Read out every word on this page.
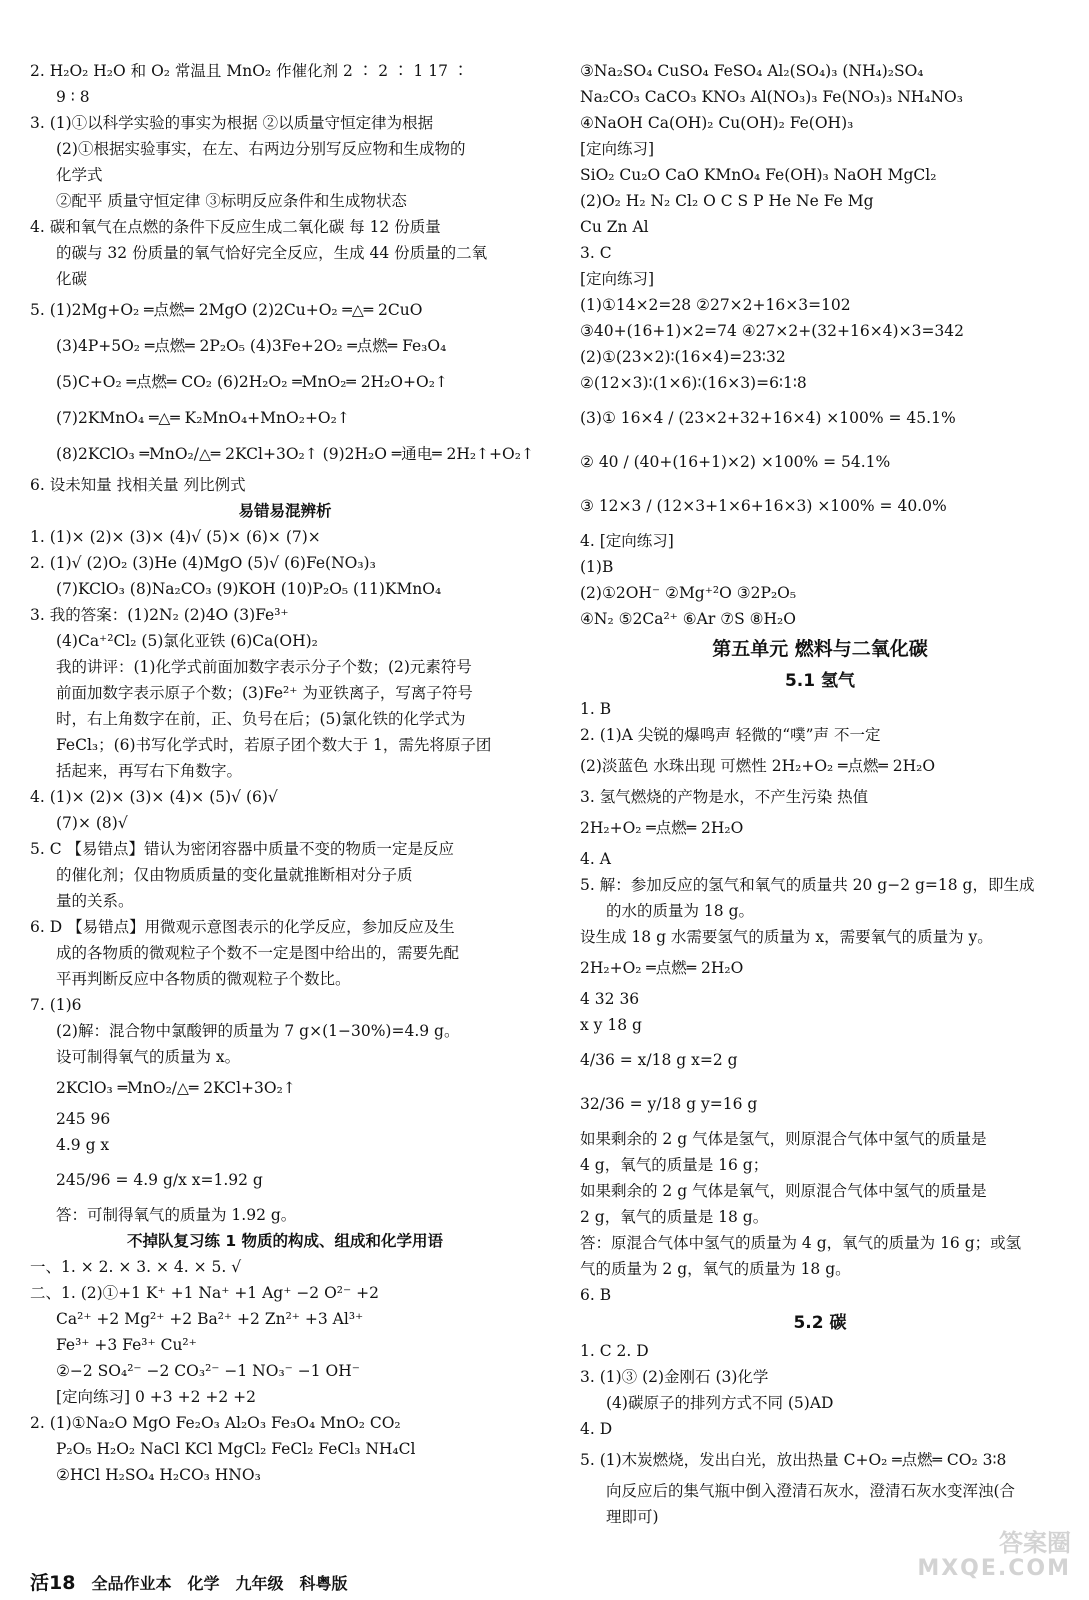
2. H₂O₂ H₂O 和 O₂ 常温且 MnO₂ 作催化剂 2 ∶ 2 ∶ 1 17 ∶
9 ∶ 8
3. (1)①以科学实验的事实为根据 ②以质量守恒定律为根据
(2)①根据实验事实，在左、右两边分别写反应物和生成物的
化学式
②配平 质量守恒定律 ③标明反应条件和生成物状态
4. 碳和氧气在点燃的条件下反应生成二氧化碳 每 12 份质量
的碳与 32 份质量的氧气恰好完全反应，生成 44 份质量的二氧
化碳
5. (1)2Mg+O₂ ═点燃═ 2MgO (2)2Cu+O₂ ═△═ 2CuO
(3)4P+5O₂ ═点燃═ 2P₂O₅ (4)3Fe+2O₂ ═点燃═ Fe₃O₄
(5)C+O₂ ═点燃═ CO₂ (6)2H₂O₂ ═MnO₂═ 2H₂O+O₂↑
(7)2KMnO₄ ═△═ K₂MnO₄+MnO₂+O₂↑
(8)2KClO₃ ═MnO₂/△═ 2KCl+3O₂↑ (9)2H₂O ═通电═ 2H₂↑+O₂↑
6. 设未知量 找相关量 列比例式
易错易混辨析
1. (1)× (2)× (3)× (4)√ (5)× (6)× (7)×
2. (1)√ (2)O₂ (3)He (4)MgO (5)√ (6)Fe(NO₃)₃
(7)KClO₃ (8)Na₂CO₃ (9)KOH (10)P₂O₅ (11)KMnO₄
3. 我的答案：(1)2N₂ (2)4O (3)Fe³⁺
(4)Ca⁺²Cl₂ (5)氯化亚铁 (6)Ca(OH)₂
我的讲评：(1)化学式前面加数字表示分子个数；(2)元素符号
前面加数字表示原子个数；(3)Fe²⁺ 为亚铁离子，写离子符号
时，右上角数字在前，正、负号在后；(5)氯化铁的化学式为
FeCl₃；(6)书写化学式时，若原子团个数大于 1，需先将原子团
括起来，再写右下角数字。
4. (1)× (2)× (3)× (4)× (5)√ (6)√
(7)× (8)√
5. C 【易错点】错认为密闭容器中质量不变的物质一定是反应
的催化剂；仅由物质质量的变化量就推断相对分子质
量的关系。
6. D 【易错点】用微观示意图表示的化学反应，参加反应及生
成的各物质的微观粒子个数不一定是图中给出的，需要先配
平再判断反应中各物质的微观粒子个数比。
7. (1)6
(2)解：混合物中氯酸钾的质量为 7 g×(1−30%)=4.9 g。
设可制得氧气的质量为 x。
2KClO₃ ═MnO₂/△═ 2KCl+3O₂↑
245 96
4.9 g x
245/96 = 4.9 g/x x=1.92 g
答：可制得氧气的质量为 1.92 g。
不掉队复习练 1 物质的构成、组成和化学用语
一、1. × 2. × 3. × 4. × 5. √
二、1. (2)①+1 K⁺ +1 Na⁺ +1 Ag⁺ −2 O²⁻ +2
Ca²⁺ +2 Mg²⁺ +2 Ba²⁺ +2 Zn²⁺ +3 Al³⁺
Fe³⁺ +3 Fe³⁺ Cu²⁺
②−2 SO₄²⁻ −2 CO₃²⁻ −1 NO₃⁻ −1 OH⁻
[定向练习] 0 +3 +2 +2 +2
2. (1)①Na₂O MgO Fe₂O₃ Al₂O₃ Fe₃O₄ MnO₂ CO₂
P₂O₅ H₂O₂ NaCl KCl MgCl₂ FeCl₂ FeCl₃ NH₄Cl
②HCl H₂SO₄ H₂CO₃ HNO₃
③Na₂SO₄ CuSO₄ FeSO₄ Al₂(SO₄)₃ (NH₄)₂SO₄
Na₂CO₃ CaCO₃ KNO₃ Al(NO₃)₃ Fe(NO₃)₃ NH₄NO₃
④NaOH Ca(OH)₂ Cu(OH)₂ Fe(OH)₃
[定向练习]
SiO₂ Cu₂O CaO KMnO₄ Fe(OH)₃ NaOH MgCl₂
(2)O₂ H₂ N₂ Cl₂ O C S P He Ne Fe Mg
Cu Zn Al
3. C
[定向练习]
(1)①14×2=28 ②27×2+16×3=102
③40+(16+1)×2=74 ④27×2+(32+16×4)×3=342
(2)①(23×2)∶(16×4)=23∶32
②(12×3)∶(1×6)∶(16×3)=6∶1∶8
(3)① 16×4 / (23×2+32+16×4) ×100% = 45.1%
② 40 / (40+(16+1)×2) ×100% = 54.1%
③ 12×3 / (12×3+1×6+16×3) ×100% = 40.0%
4. [定向练习]
(1)B
(2)①2OH⁻ ②Mg⁺²O ③2P₂O₅
④N₂ ⑤2Ca²⁺ ⑥Ar ⑦S ⑧H₂O
第五单元 燃料与二氧化碳
5.1 氢气
1. B
2. (1)A 尖锐的爆鸣声 轻微的“噗”声 不一定
(2)淡蓝色 水珠出现 可燃性 2H₂+O₂ ═点燃═ 2H₂O
3. 氢气燃烧的产物是水，不产生污染 热值
2H₂+O₂ ═点燃═ 2H₂O
4. A
5. 解：参加反应的氢气和氧气的质量共 20 g−2 g=18 g，即生成
的水的质量为 18 g。
设生成 18 g 水需要氢气的质量为 x，需要氧气的质量为 y。
2H₂+O₂ ═点燃═ 2H₂O
4 32 36
x y 18 g
4/36 = x/18 g x=2 g
32/36 = y/18 g y=16 g
如果剩余的 2 g 气体是氢气，则原混合气体中氢气的质量是
4 g，氧气的质量是 16 g；
如果剩余的 2 g 气体是氧气，则原混合气体中氢气的质量是
2 g，氧气的质量是 18 g。
答：原混合气体中氢气的质量为 4 g，氧气的质量为 16 g；或氢
气的质量为 2 g，氧气的质量为 18 g。
6. B
5.2 碳
1. C 2. D
3. (1)③ (2)金刚石 (3)化学
(4)碳原子的排列方式不同 (5)AD
4. D
5. (1)木炭燃烧，发出白光，放出热量 C+O₂ ═点燃═ CO₂ 3∶8
向反应后的集气瓶中倒入澄清石灰水，澄清石灰水变浑浊(合
理即可)
活18 全品作业本 化学 九年级 科粤版
答案圈
MXQE.COM
